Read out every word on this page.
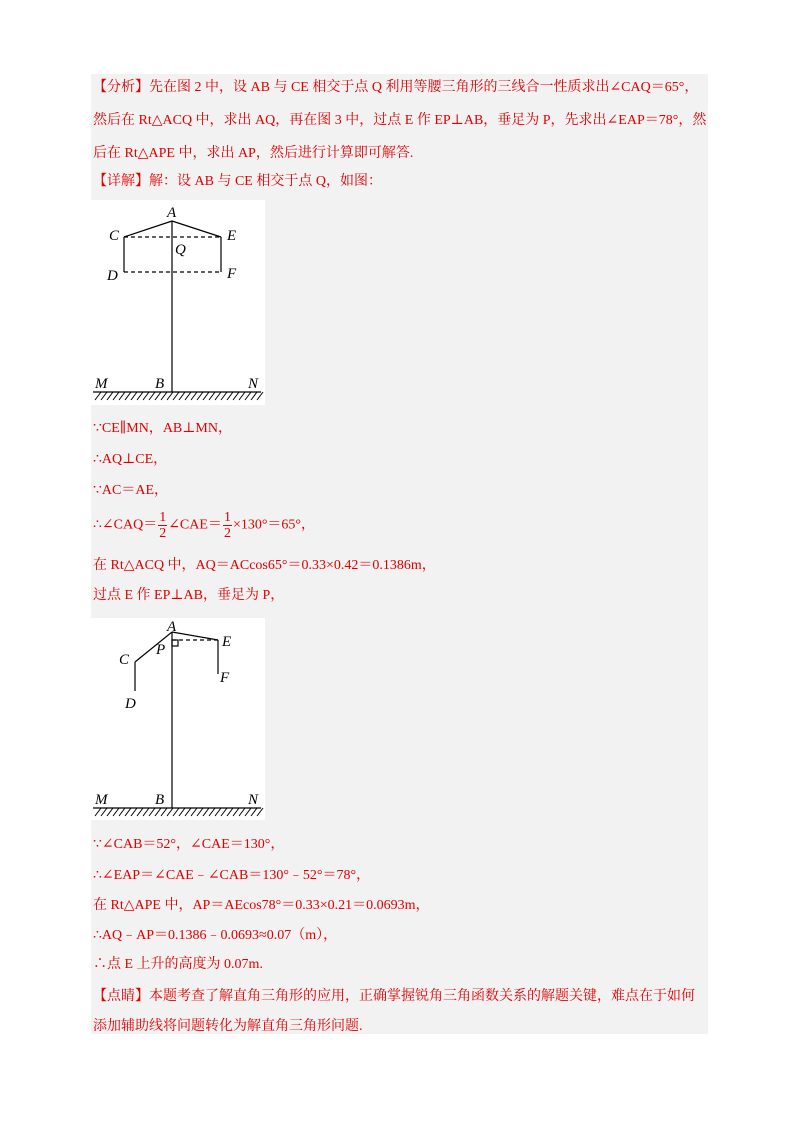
【分析】先在图 2 中，设 AB 与 CE 相交于点 Q 利用等腰三角形的三线合一性质求出∠CAQ＝65°，
然后在 Rt△ACQ 中，求出 AQ，再在图 3 中，过点 E 作 EP⊥AB，垂足为 P，先求出∠EAP＝78°，然
后在 Rt△APE 中，求出 AP，然后进行计算即可解答.
【详解】解：设 AB 与 CE 相交于点 Q，如图：
A
C	E
Q
D	F
M	B	N
∵CE∥MN，AB⊥MN，
∴AQ⊥CE，
∵AC＝AE，
∴∠CAQ＝ $\frac{1}{2}$ ∠CAE＝ $\frac{1}{2} \times 130^\circ=65^\circ$，
在 Rt△ACQ 中，AQ＝ACcos65°＝0.33×0.42＝0.1386m，
过点 E 作 EP⊥AB，垂足为 P，
A
P	E
C
F
D
M	B	N
∵∠CAB＝52°，∠CAE＝130°，
∴∠EAP＝∠CAE﹣∠CAB＝130°﹣52°＝78°，
在 Rt△APE 中，AP＝AEcos78°＝0.33×0.21＝0.0693m，
∴AQ﹣AP＝0.1386﹣0.0693≈0.07（m），
∴点 E 上升的高度为 0.07m.
【点睛】本题考查了解直角三角形的应用，正确掌握锐角三角函数关系的解题关键，难点在于如何
添加辅助线将问题转化为解直角三角形问题.
